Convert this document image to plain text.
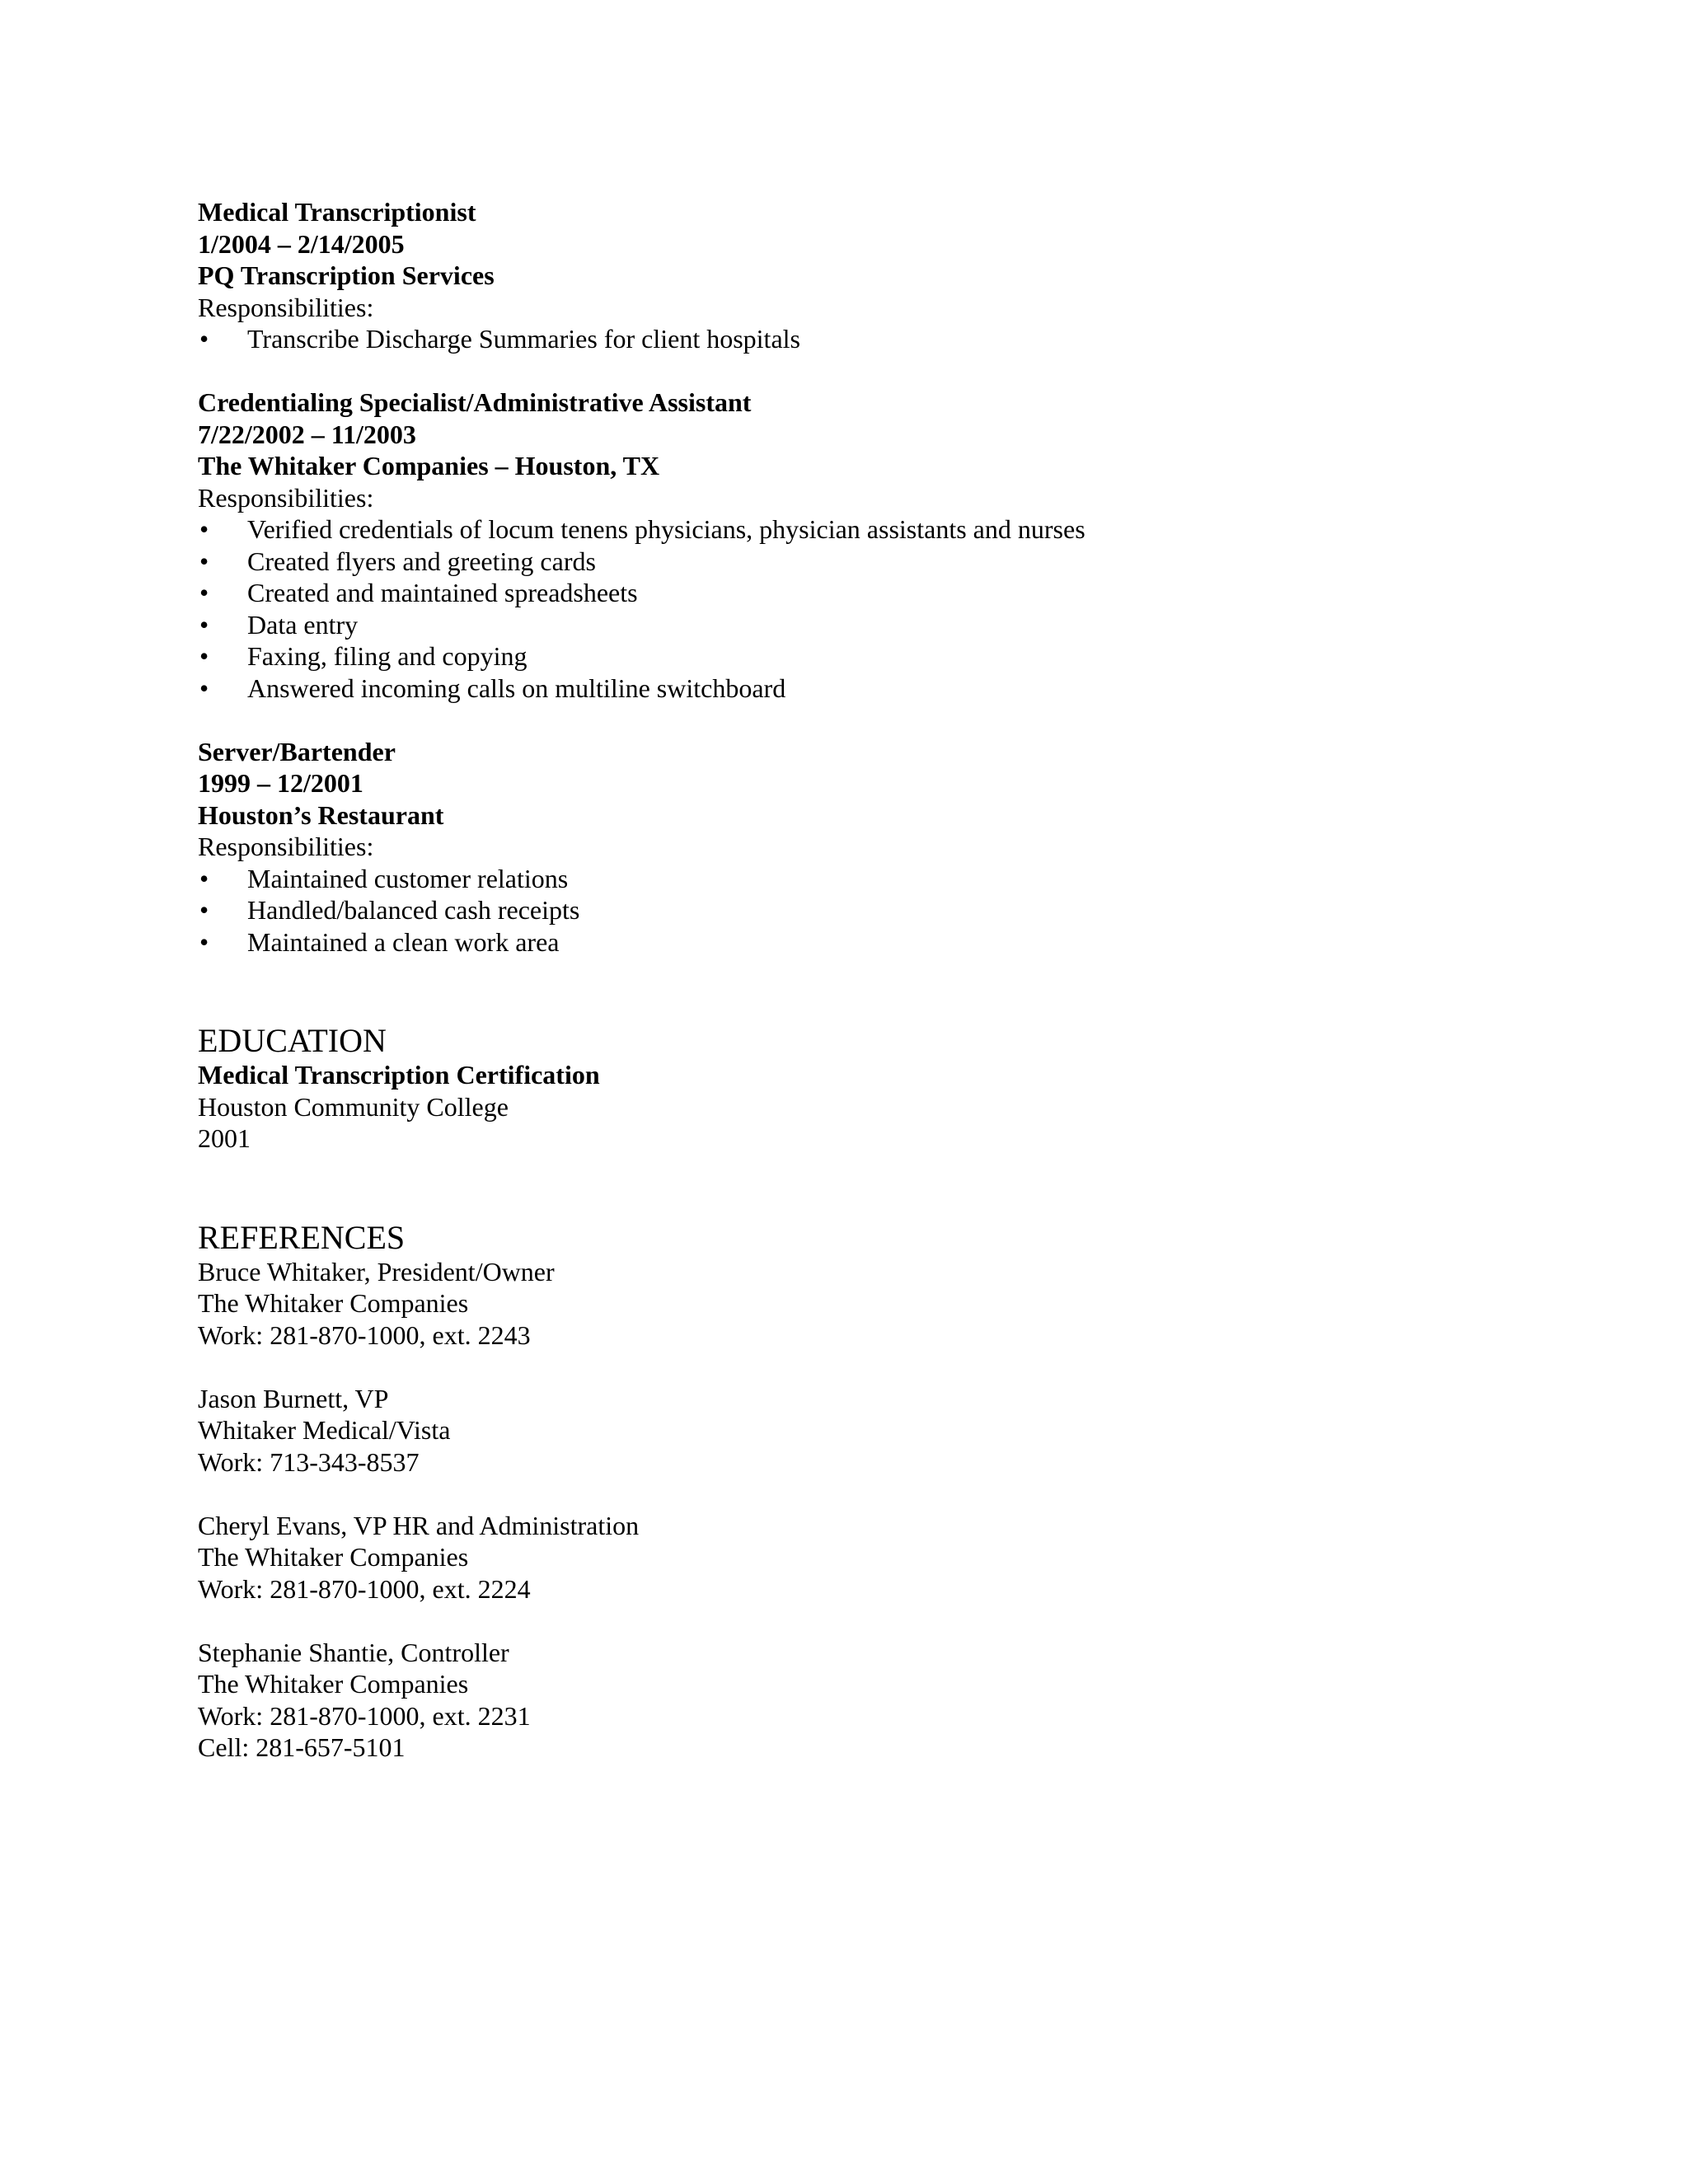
Medical Transcriptionist
1/2004 – 2/14/2005
PQ Transcription Services
Responsibilities:
•	Transcribe Discharge Summaries for client hospitals
Credentialing Specialist/Administrative Assistant
7/22/2002 – 11/2003
The Whitaker Companies – Houston, TX
Responsibilities:
•	Verified credentials of locum tenens physicians, physician assistants and nurses
•	Created flyers and greeting cards
•	Created and maintained spreadsheets
•	Data entry
•	Faxing, filing and copying
•	Answered incoming calls on multiline switchboard
Server/Bartender
1999 – 12/2001
Houston’s Restaurant
Responsibilities:
•	Maintained customer relations
•	Handled/balanced cash receipts
•	Maintained a clean work area
EDUCATION
Medical Transcription Certification
Houston Community College
2001
REFERENCES
Bruce Whitaker, President/Owner
The Whitaker Companies
Work: 281-870-1000, ext. 2243
Jason Burnett, VP
Whitaker Medical/Vista
Work: 713-343-8537
Cheryl Evans, VP HR and Administration
The Whitaker Companies
Work: 281-870-1000, ext. 2224
Stephanie Shantie, Controller
The Whitaker Companies
Work: 281-870-1000, ext. 2231
Cell: 281-657-5101
